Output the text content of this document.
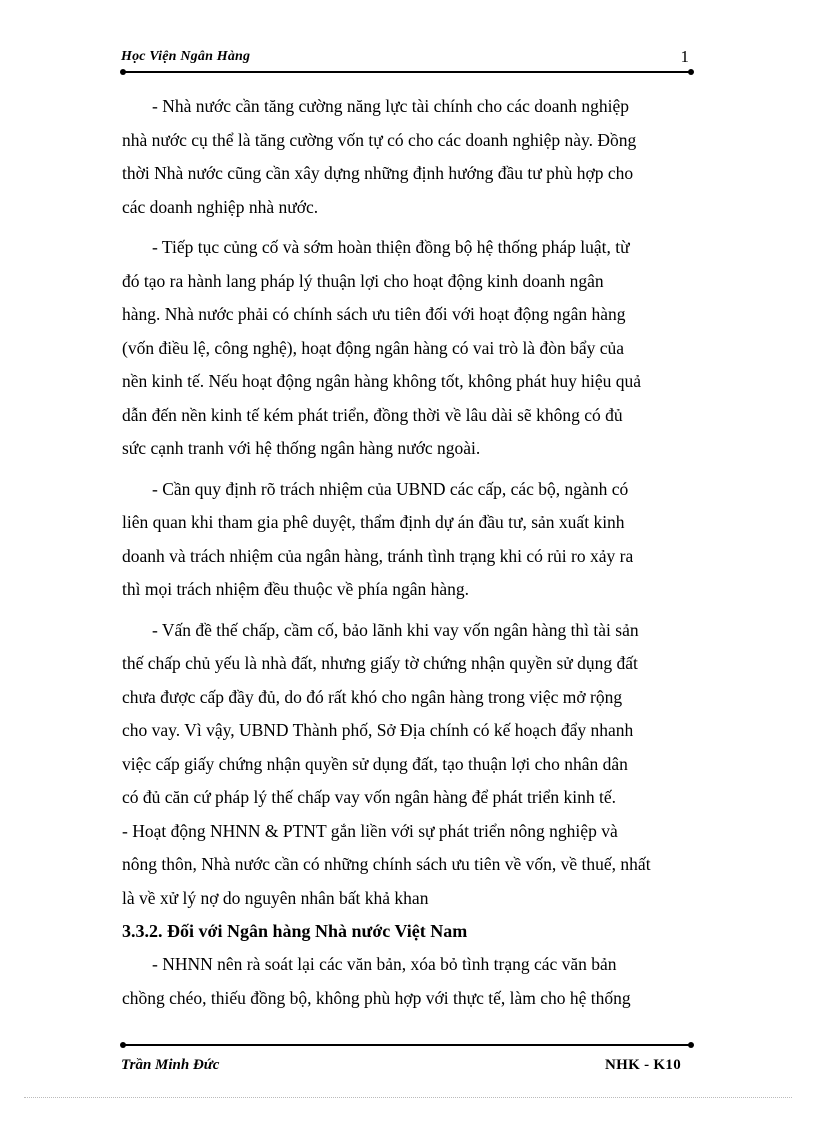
Học Viện Ngân Hàng	1
- Nhà nước cần tăng cường năng lực tài chính cho các doanh nghiệp
nhà nước cụ thể là tăng cường vốn tự có cho các doanh nghiệp này. Đồng
thời Nhà nước cũng cần xây dựng những định hướng đầu tư phù hợp cho
các doanh nghiệp nhà nước.
- Tiếp tục củng cố và sớm hoàn thiện đồng bộ hệ thống pháp luật, từ
đó tạo ra hành lang pháp lý thuận lợi cho hoạt động kinh doanh ngân
hàng. Nhà nước phải có chính sách ưu tiên đối với hoạt động ngân hàng
(vốn điều lệ, công nghệ), hoạt động ngân hàng có vai trò là đòn bẩy của
nền kinh tế. Nếu hoạt động ngân hàng không tốt, không phát huy hiệu quả
dẫn đến nền kinh tế kém phát triển, đồng thời về lâu dài sẽ không có đủ
sức cạnh tranh với hệ thống ngân hàng nước ngoài.
- Cần quy định rõ trách nhiệm của UBND các cấp, các bộ, ngành có
liên quan khi tham gia phê duyệt, thẩm định dự án đầu tư, sản xuất kinh
doanh và trách nhiệm của ngân hàng, tránh tình trạng khi có rủi ro xảy ra
thì mọi trách nhiệm đều thuộc về phía ngân hàng.
- Vấn đề thế chấp, cầm cố, bảo lãnh khi vay vốn ngân hàng thì tài sản
thế chấp chủ yếu là nhà đất, nhưng giấy tờ chứng nhận quyền sử dụng đất
chưa được cấp đầy đủ, do đó rất khó cho ngân hàng trong việc mở rộng
cho vay. Vì vậy, UBND Thành phố, Sở Địa chính có kế hoạch đẩy nhanh
việc cấp giấy chứng nhận quyền sử dụng đất, tạo thuận lợi cho nhân dân
có đủ căn cứ pháp lý thế chấp vay vốn ngân hàng để phát triển kinh tế.
- Hoạt động NHNN & PTNT gắn liền với sự phát triển nông nghiệp và
nông thôn, Nhà nước cần có những chính sách ưu tiên về vốn, về thuế, nhất
là về xử lý nợ do nguyên nhân bất khả khan
3.3.2. Đối với Ngân hàng Nhà nước Việt Nam
- NHNN nên rà soát lại các văn bản, xóa bỏ tình trạng các văn bản
chồng chéo, thiếu đồng bộ, không phù hợp với thực tế, làm cho hệ thống
Trần Minh Đức	NHK - K10
